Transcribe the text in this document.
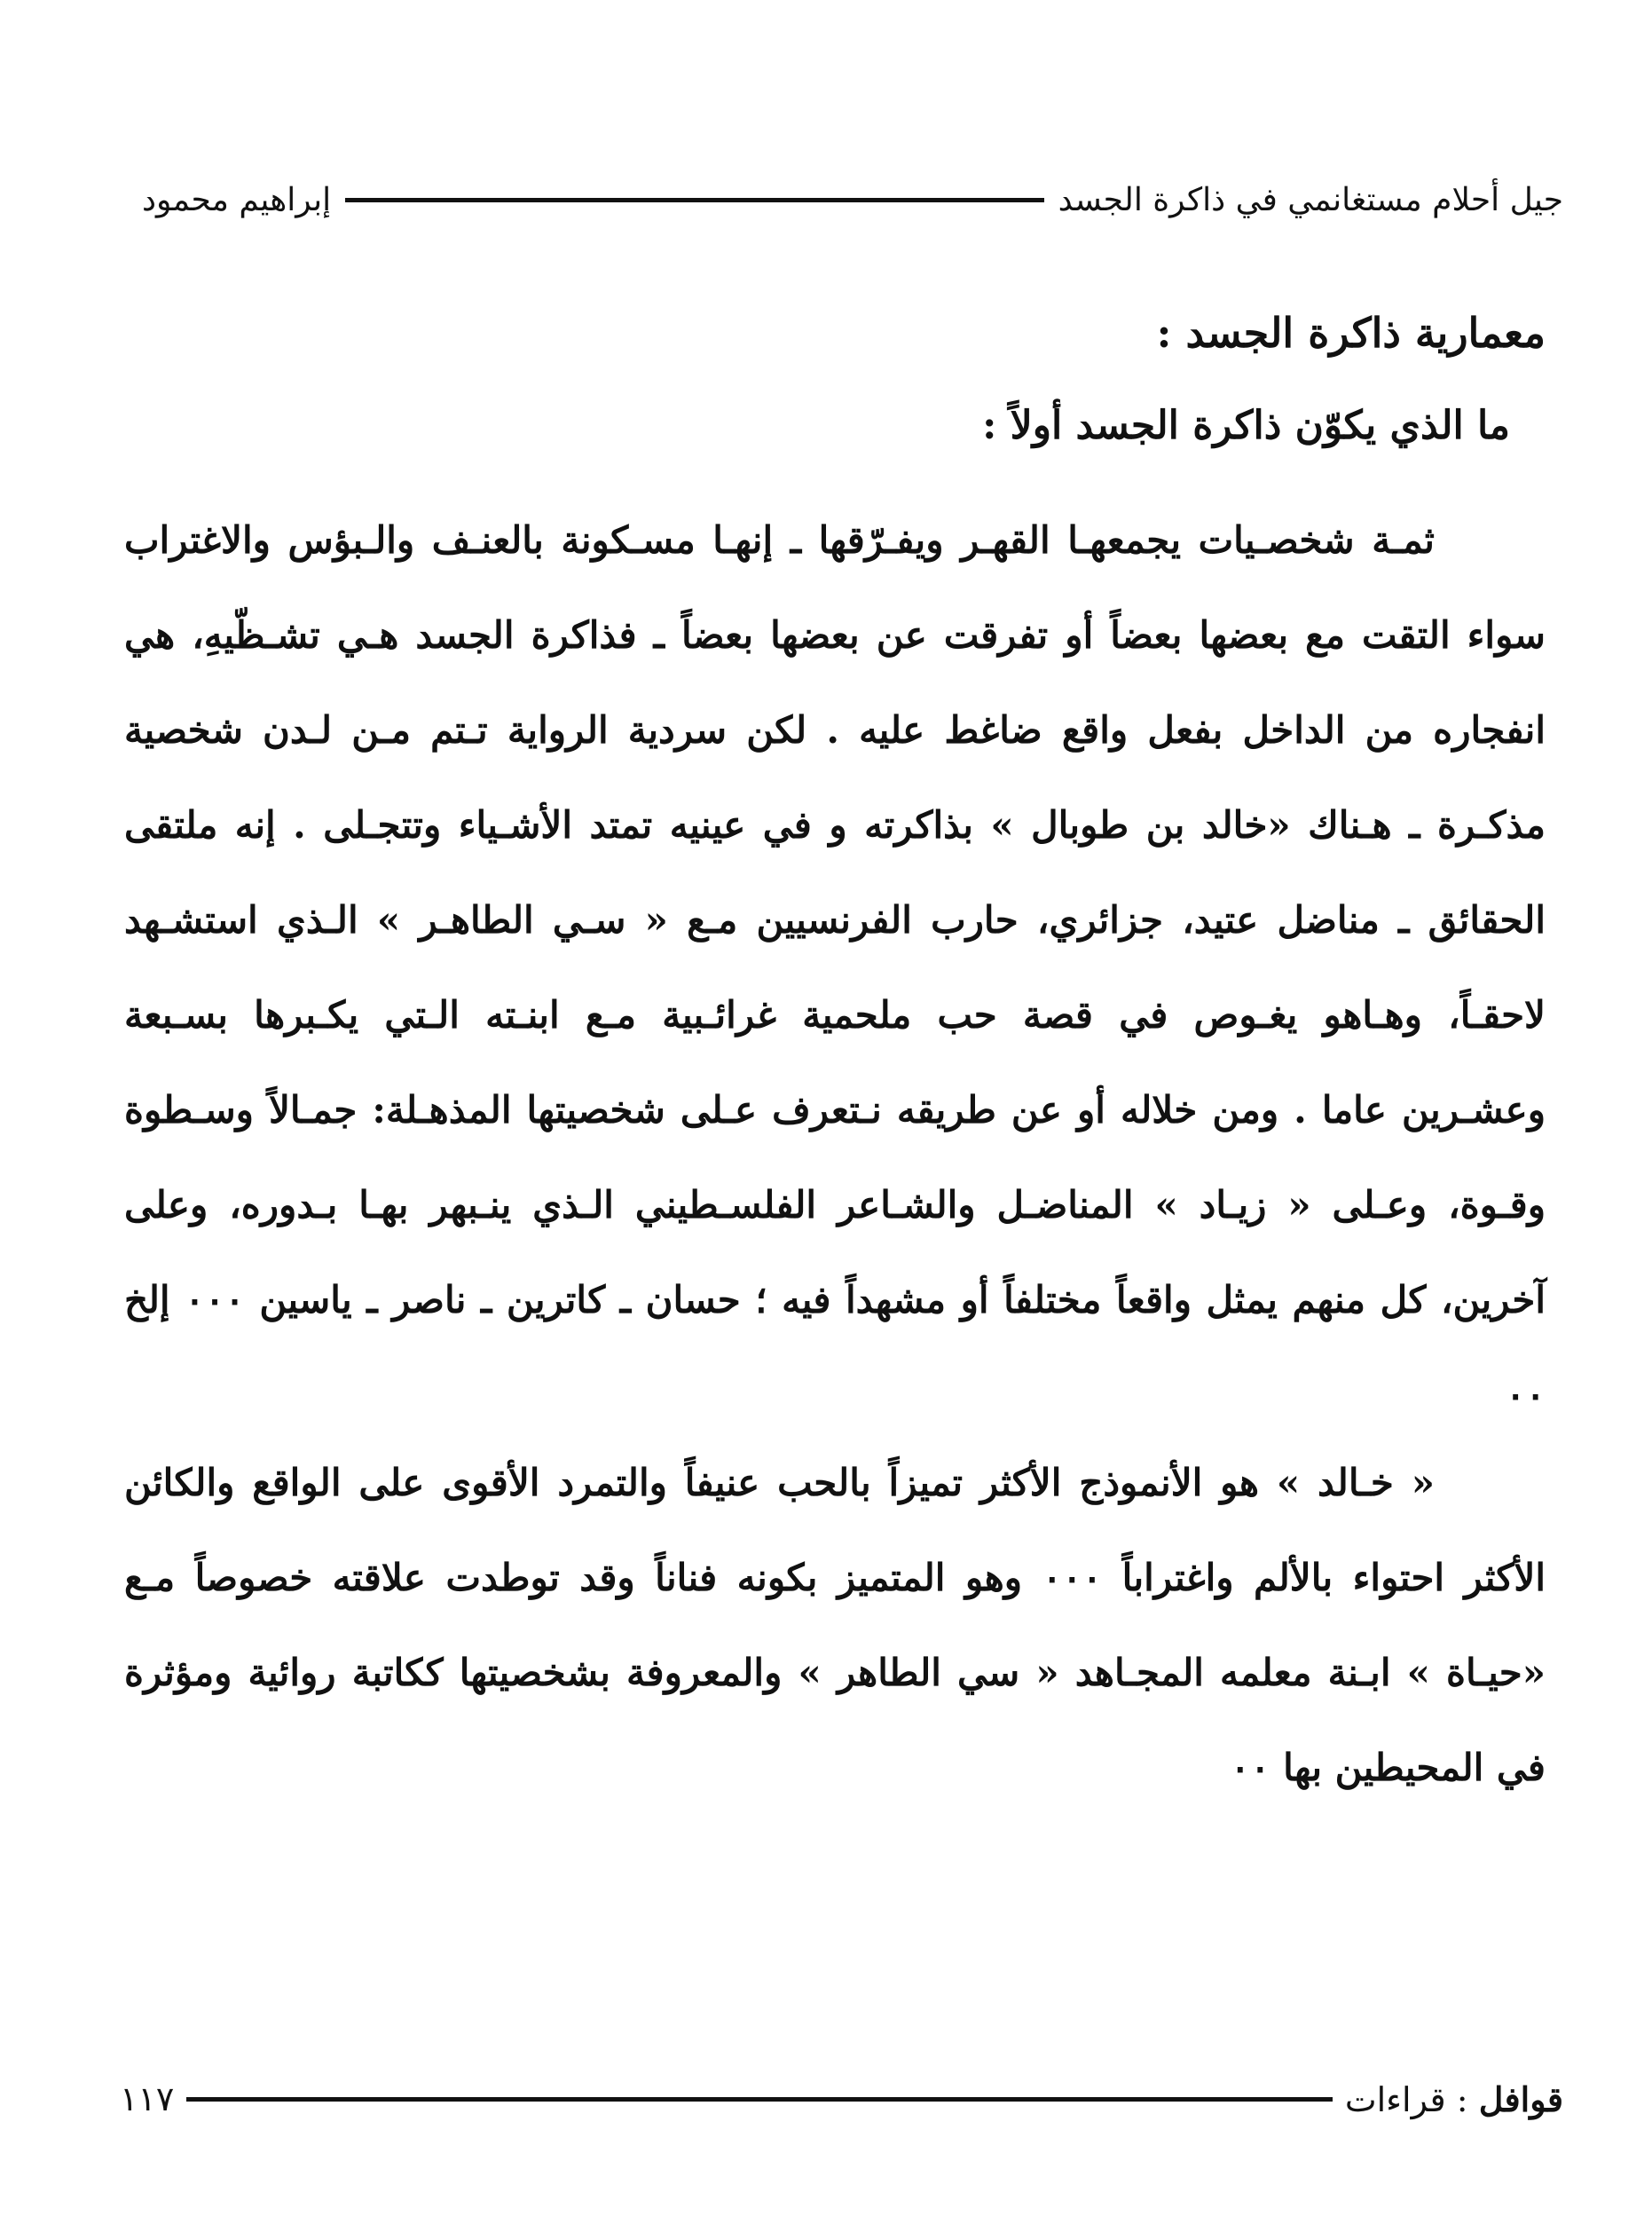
جيل أحلام مستغانمي في ذاكرة الجسد
إبراهيم محمود
معمارية ذاكرة الجسد :
ما الذي يكوّن ذاكرة الجسد أولاً :

ثمـة شخصـيات يجمعهـا القهـر ويفـرّقها ـ إنهـا مسـكونة بالعنـف والـبؤس والاغتراب سواء التقت مع بعضها بعضاً أو تفرقت عن بعضها بعضاً ـ فذاكرة الجسد هـي تشـظّيهِ، هي انفجاره من الداخل بفعل واقع ضاغط عليه . لكن سردية الرواية تـتم مـن لـدن شخصية مذكـرة ـ هـناك «خالد بن طوبال » بذاكرته و في عينيه تمتد الأشـياء وتتجـلى . إنه ملتقى الحقائق ـ مناضل عتيد، جزائري، حارب الفرنسيين مـع « سـي الطاهـر » الـذي استشـهد لاحقـاً، وهـاهو يغـوص في قصة حب ملحمية غرائـبية مـع ابنـته الـتي يكـبرها بسـبعة وعشـرين عاما . ومن خلاله أو عن طريقه نـتعرف عـلى شخصيتها المذهـلة: جمـالاً وسـطوة وقـوة، وعـلى « زيـاد » المناضـل والشـاعر الفلسـطيني الـذي ينـبهر بهـا بـدوره، وعلى آخرين، كل منهم يمثل واقعاً مختلفاً أو مشهداً فيه ؛ حسان ـ كاترين ـ ناصر ـ ياسين ٠٠٠ إلخ ٠٠

« خـالد » هو الأنموذج الأكثر تميزاً بالحب عنيفاً والتمرد الأقوى على الواقع والكائن الأكثر احتواء بالألم واغتراباً ٠٠٠ وهو المتميز بكونه فناناً وقد توطدت علاقته خصوصاً مـع «حيـاة » ابـنة معلمه المجـاهد « سي الطاهر » والمعروفة بشخصيتها ككاتبة روائية ومؤثرة في المحيطين بها ٠٠

قوافل : قراءات
١١٧
